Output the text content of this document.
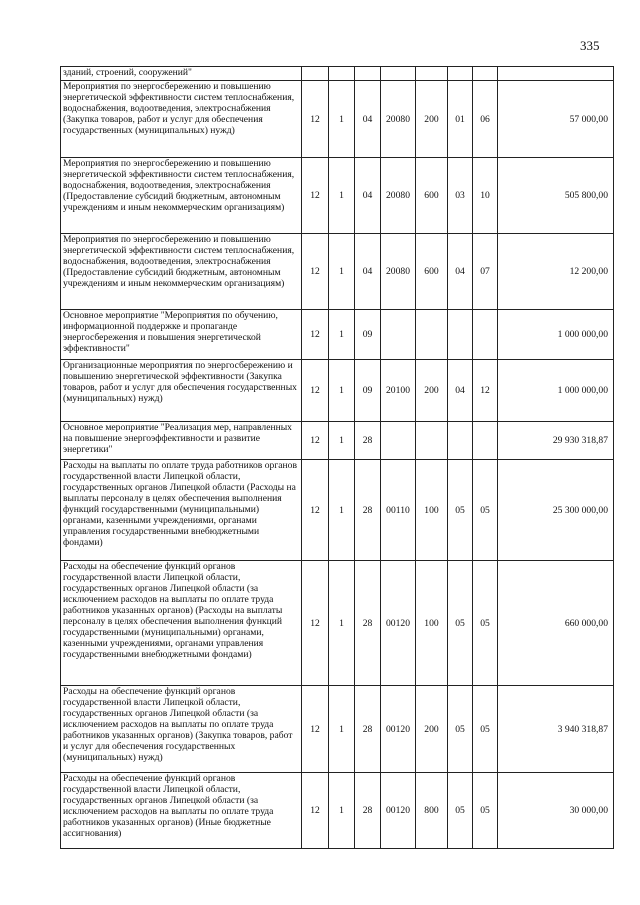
335
зданий, строений, сооружений"								
Мероприятия по энергосбережению и повышению энергетической эффективности систем теплоснабжения, водоснабжения, водоотведения, электроснабжения (Закупка товаров, работ и услуг для обеспечения государственных (муниципальных) нужд)	12	1	04	20080	200	01	06	57 000,00
Мероприятия по энергосбережению и повышению энергетической эффективности систем теплоснабжения, водоснабжения, водоотведения, электроснабжения (Предоставление субсидий бюджетным, автономным учреждениям и иным некоммерческим организациям)	12	1	04	20080	600	03	10	505 800,00
Мероприятия по энергосбережению и повышению энергетической эффективности систем теплоснабжения, водоснабжения, водоотведения, электроснабжения (Предоставление субсидий бюджетным, автономным учреждениям и иным некоммерческим организациям)	12	1	04	20080	600	04	07	12 200,00
Основное мероприятие "Мероприятия по обучению, информационной поддержке и пропаганде энергосбережения и повышения энергетической эффективности"	12	1	09					1 000 000,00
Организационные мероприятия по энергосбережению и повышению энергетической эффективности (Закупка товаров, работ и услуг для обеспечения государственных (муниципальных) нужд)	12	1	09	20100	200	04	12	1 000 000,00
Основное мероприятие "Реализация мер, направленных на повышение энергоэффективности и развитие энергетики"	12	1	28					29 930 318,87
Расходы на выплаты по оплате труда работников органов государственной власти Липецкой области, государственных органов Липецкой области (Расходы на выплаты персоналу в целях обеспечения выполнения функций государственными (муниципальными) органами, казенными учреждениями, органами управления государственными внебюджетными фондами)	12	1	28	00110	100	05	05	25 300 000,00
Расходы на обеспечение функций органов государственной власти Липецкой области, государственных органов Липецкой области (за исключением расходов на выплаты по оплате труда работников указанных органов) (Расходы на выплаты персоналу в целях обеспечения выполнения функций государственными (муниципальными) органами, казенными учреждениями, органами управления государственными внебюджетными фондами)	12	1	28	00120	100	05	05	660 000,00
Расходы на обеспечение функций органов государственной власти Липецкой области, государственных органов Липецкой области (за исключением расходов на выплаты по оплате труда работников указанных органов) (Закупка товаров, работ и услуг для обеспечения государственных (муниципальных) нужд)	12	1	28	00120	200	05	05	3 940 318,87
Расходы на обеспечение функций органов государственной власти Липецкой области, государственных органов Липецкой области (за исключением расходов на выплаты по оплате труда работников указанных органов) (Иные бюджетные ассигнования)	12	1	28	00120	800	05	05	30 000,00
